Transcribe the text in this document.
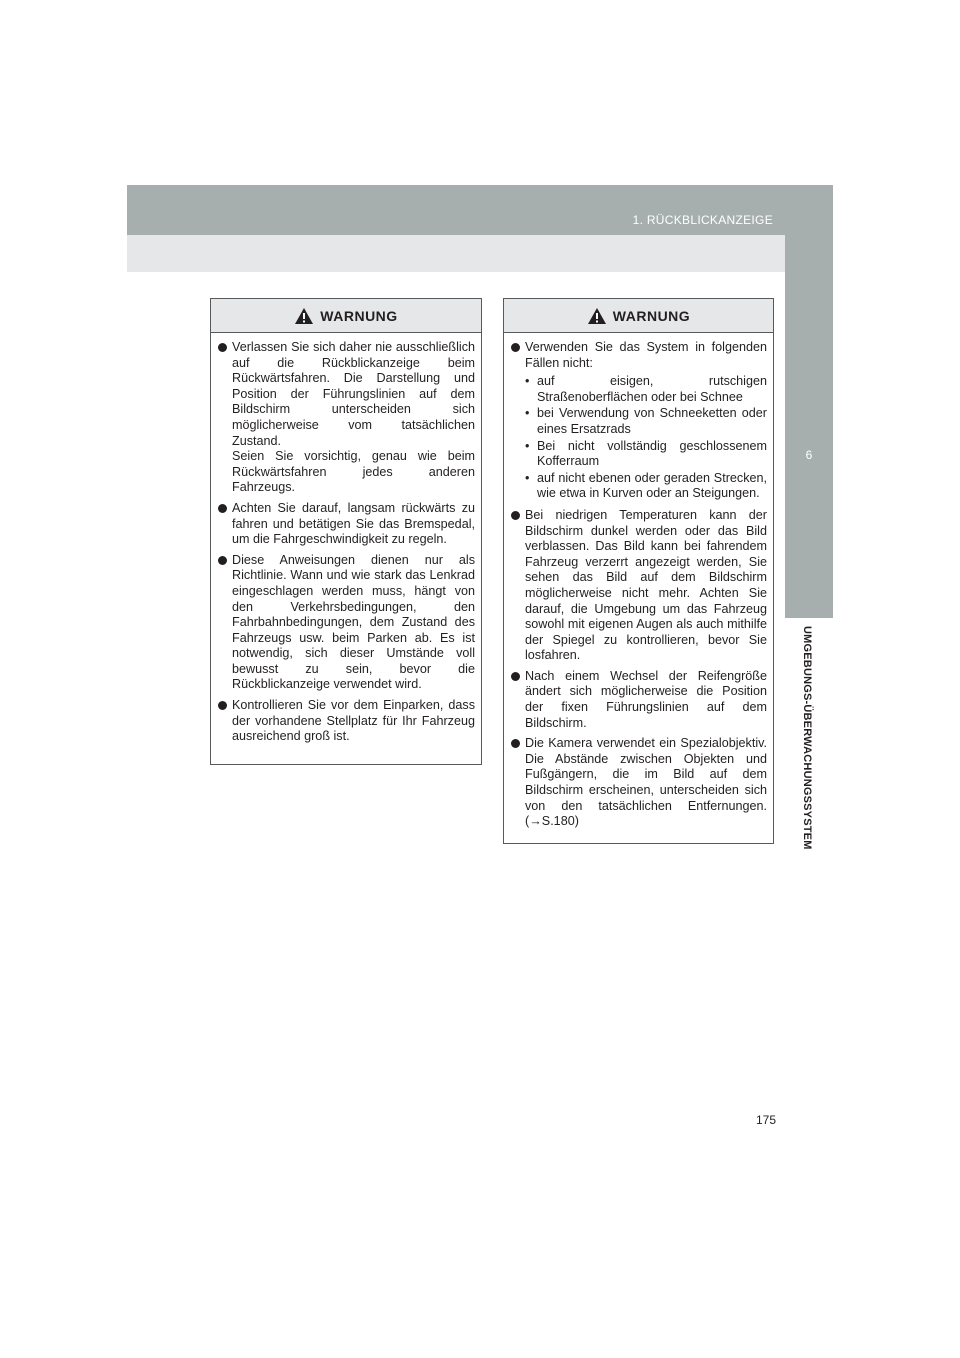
1. RÜCKBLICKANZEIGE
6
UMGEBUNGS-ÜBERWACHUNGSSYSTEM
WARNUNG
Verlassen Sie sich daher nie ausschließlich auf die Rückblickanzeige beim Rückwärtsfahren. Die Darstellung und Position der Führungslinien auf dem Bildschirm unterscheiden sich möglicherweise vom tatsächlichen Zustand.
Seien Sie vorsichtig, genau wie beim Rückwärtsfahren jedes anderen Fahrzeugs.
Achten Sie darauf, langsam rückwärts zu fahren und betätigen Sie das Bremspedal, um die Fahrgeschwindigkeit zu regeln.
Diese Anweisungen dienen nur als Richtlinie. Wann und wie stark das Lenkrad eingeschlagen werden muss, hängt von den Verkehrsbedingungen, den Fahrbahnbedingungen, dem Zustand des Fahrzeugs usw. beim Parken ab. Es ist notwendig, sich dieser Umstände voll bewusst zu sein, bevor die Rückblickanzeige verwendet wird.
Kontrollieren Sie vor dem Einparken, dass der vorhandene Stellplatz für Ihr Fahrzeug ausreichend groß ist.
WARNUNG
Verwenden Sie das System in folgenden Fällen nicht:
• auf eisigen, rutschigen Straßenoberflächen oder bei Schnee
• bei Verwendung von Schneeketten oder eines Ersatzrads
• Bei nicht vollständig geschlossenem Kofferraum
• auf nicht ebenen oder geraden Strecken, wie etwa in Kurven oder an Steigungen.
Bei niedrigen Temperaturen kann der Bildschirm dunkel werden oder das Bild verblassen. Das Bild kann bei fahrendem Fahrzeug verzerrt angezeigt werden, Sie sehen das Bild auf dem Bildschirm möglicherweise nicht mehr. Achten Sie darauf, die Umgebung um das Fahrzeug sowohl mit eigenen Augen als auch mithilfe der Spiegel zu kontrollieren, bevor Sie losfahren.
Nach einem Wechsel der Reifengröße ändert sich möglicherweise die Position der fixen Führungslinien auf dem Bildschirm.
Die Kamera verwendet ein Spezialobjektiv. Die Abstände zwischen Objekten und Fußgängern, die im Bild auf dem Bildschirm erscheinen, unterscheiden sich von den tatsächlichen Entfernungen.(→S.180)
175
